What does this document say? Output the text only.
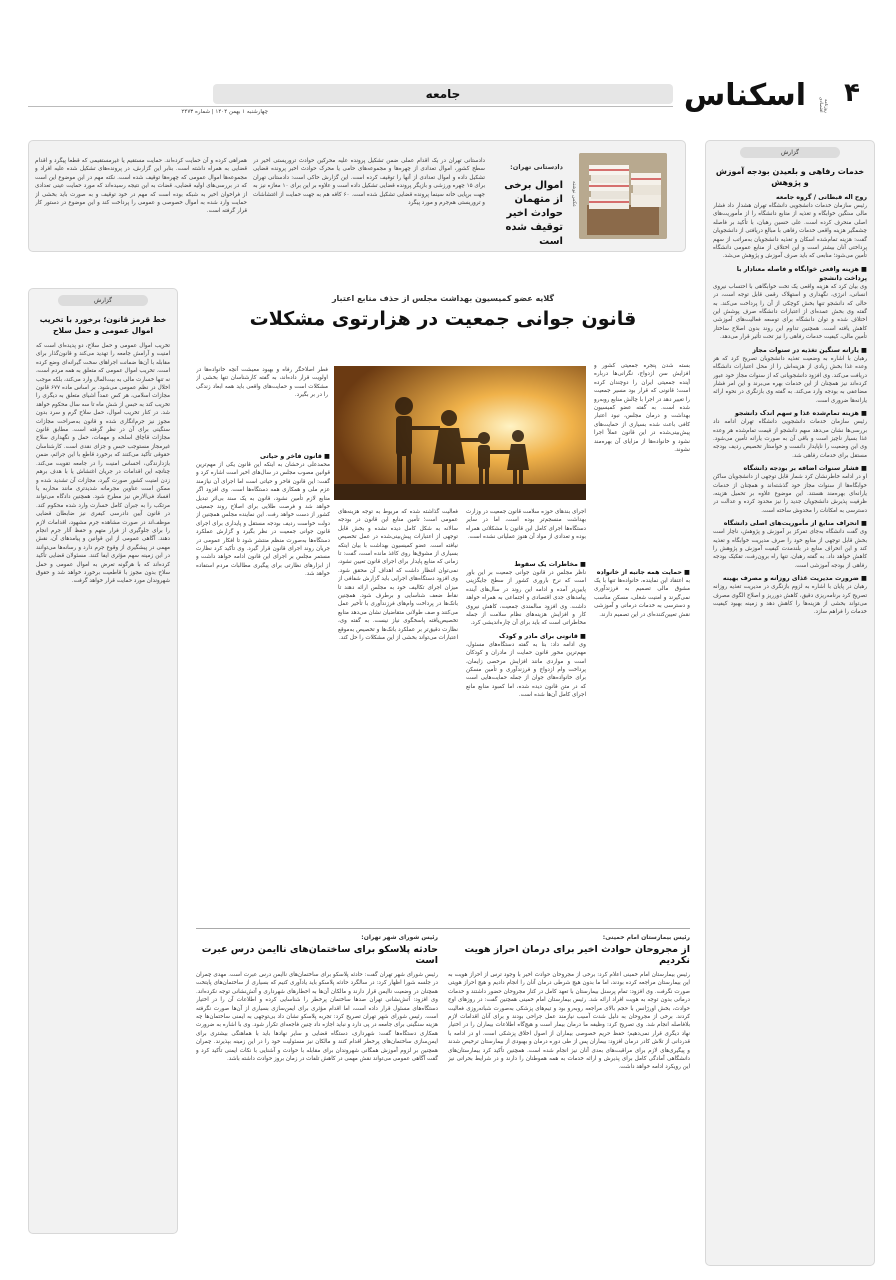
۴
اسکناس	روزنامه اقتصادی
جامعه
چهارشنبه ۱ بهمن ۱۴۰۴ | شماره ۲۴۷۳
گزارش
خدمات رفاهی و بلعیدن بودجه آموزش و پژوهش
روح اله قبطانی / گروه جامعه
رئیس سازمان خدمات دانشجویی دانشگاه تهران هشدار داد فشار مالی سنگین خوابگاه و تغذیه از منابع دانشگاه را از مأموریت‌های اصلی منحرف کرده است. علی حسین رهبان، با تأکید بر فاصله چشمگیر هزینه واقعی خدمات رفاهی با مبالغ دریافتی از دانشجویان گفت: هزینه تمام‌شده اسکان و تغذیه دانشجویان به‌مراتب از سهم پرداختی آنان بیشتر است و این اختلاف از منابع عمومی دانشگاه تأمین می‌شود؛ منابعی که باید صرف آموزش و پژوهش می‌شد.
■ هزینه واقعی خوابگاه و فاصله معنادار با پرداخت دانشجو
وی بیان کرد که هزینه واقعی یک تخت خوابگاهی با احتساب نیروی انسانی، انرژی، نگهداری و استهلاک رقمی قابل توجه است، در حالی که دانشجو تنها بخش کوچکی از آن را پرداخت می‌کند. به گفته وی بخش عمده‌ای از اعتبارات دانشگاه صرف پوشش این اختلاف شده و توان دانشگاه برای توسعه فعالیت‌های آموزشی کاهش یافته است. همچنین تداوم این روند بدون اصلاح ساختار تأمین مالی، کیفیت خدمات رفاهی را نیز تحت تأثیر قرار می‌دهد.
■ یارانه سنگین تغذیه در سنوات مجاز
رهبان با اشاره به وضعیت تغذیه دانشجویان تصریح کرد که هر وعده غذا بخش زیادی از هزینه‌اش را از محل اعتبارات دانشگاه دریافت می‌کند. وی افزود دانشجویانی که از سنوات مجاز خود عبور کرده‌اند نیز همچنان از این خدمات بهره می‌برند و این امر فشار مضاعفی به بودجه وارد می‌کند. به گفته وی بازنگری در نحوه ارائه یارانه‌ها ضروری است.
■ هزینه تمام‌شده غذا و سهم اندک دانشجو
رئیس سازمان خدمات دانشجویی دانشگاه تهران ادامه داد بررسی‌ها نشان می‌دهد سهم دانشجو از قیمت تمام‌شده هر وعده غذا بسیار ناچیز است و باقی آن به صورت یارانه تأمین می‌شود. وی این وضعیت را ناپایدار دانست و خواستار تخصیص ردیف بودجه مستقل برای خدمات رفاهی شد.
■ فشار سنوات اضافه بر بودجه دانشگاه
او در ادامه خاطرنشان کرد شمار قابل توجهی از دانشجویان ساکن خوابگاه‌ها از سنوات مجاز خود گذشته‌اند و همچنان از خدمات یارانه‌ای بهره‌مند هستند. این موضوع علاوه بر تحمیل هزینه، ظرفیت پذیرش دانشجویان جدید را نیز محدود کرده و عدالت در دسترسی به امکانات را مخدوش ساخته است.
■ انحراف منابع از مأموریت‌های اصلی دانشگاه
وی گفت دانشگاه به‌جای تمرکز بر آموزش و پژوهش، ناچار است بخش قابل توجهی از منابع خود را صرف مدیریت خوابگاه و تغذیه کند و این انحراف منابع در بلندمدت کیفیت آموزش و پژوهش را کاهش خواهد داد. به گفته رهبان، تنها راه برون‌رفت، تفکیک بودجه رفاهی از بودجه آموزشی است.
■ ضرورت مدیریت غذای روزانه و مصرف بهینه
رهبان در پایان با اشاره به لزوم بازنگری در مدیریت تغذیه روزانه تصریح کرد برنامه‌ریزی دقیق، کاهش دورریز و اصلاح الگوی مصرف می‌تواند بخشی از هزینه‌ها را کاهش دهد و زمینه بهبود کیفیت خدمات را فراهم سازد.
عکس نوشته
دادستانی تهران:
اموال برخی از متهمان حوادث اخیر توقیف شده است
دادستانی تهران در یک اقدام عملی ضمن تشکیل پرونده علیه محرکین حوادث تروریستی اخیر در سطح کشور، اموال تعدادی از چهره‌ها و مجموعه‌های حامی یا محرک حوادث اخیر پرونده قضایی تشکیل داده و اموال تعدادی از آنها را توقیف کرده است. این گزارش حاکی است: دادستانی تهران برای ۱۵ چهره ورزشی و بازیگر پرونده قضایی تشکیل داده است و علاوه بر این برای ۱۰ مغازه نیز به جهت برپایی خانه سینما پرونده قضایی تشکیل شده است. ۶۰ کافه هم به جهت حمایت از اغتشاشات و تروریستی هم‌جرم و مورد پیگرد
همراهی کرده و آن حمایت کرده‌اند. حمایت مستقیم یا غیرمستقیمی که قطعا پیگرد و اقدام قضایی به همراه داشته است. بنابر این گزارش، در پرونده‌های تشکیل شده علیه افراد و مجموعه‌ها اموال عمومی که چهره‌ها توقیف شده است. نکته مهم در این موضوع این است که در بررسی‌های اولیه قضایی، قضات به این نتیجه رسیده‌اند که مورد حمایت عینی تعدادی از فراخوان اخیر به شبکه بوده است که مهم در خود توقیف و به صورت باید بخشی از حمایت وارد شده به اموال خصوصی و عمومی را پرداخت کند و این موضوع در دستور کار قرار گرفته است.
گزارش
خط قرمز قانون؛ برخورد با تخریب اموال عمومی و حمل سلاح
تخریب اموال عمومی و حمل سلاح، دو پدیده‌ای است که امنیت و آرامش جامعه را تهدید می‌کند و قانون‌گذار برای مقابله با آن‌ها ضمانت اجراهای سخت گیرانه‌ای وضع کرده است. تخریب اموال عمومی که متعلق به همه مردم است، نه تنها خسارت مالی به بیت‌المال وارد می‌کند، بلکه موجب اخلال در نظم عمومی می‌شود. بر اساس ماده ۶۷۷ قانون مجازات اسلامی، هر کس عمداً اشیای متعلق به دیگری را تخریب کند به حبس از شش ماه تا سه سال محکوم خواهد شد. در کنار تخریب اموال، حمل سلاح گرم و سرد بدون مجوز نیز جرم‌انگاری شده و قانون به‌صراحت مجازات سنگینی برای آن در نظر گرفته است. مطابق قانون مجازات قاچاق اسلحه و مهمات، حمل و نگهداری سلاح غیرمجاز مستوجب حبس و جزای نقدی است. کارشناسان حقوقی تأکید می‌کنند که برخورد قاطع با این جرائم، ضمن بازدارندگی، احساس امنیت را در جامعه تقویت می‌کند. چنانچه این اقدامات در جریان اغتشاش یا با هدف برهم زدن امنیت کشور صورت گیرد، مجازات آن تشدید شده و ممکن است عناوین مجرمانه شدیدتری مانند محاربه یا افساد فی‌الارض نیز مطرح شود. همچنین دادگاه می‌تواند مرتکب را به جبران کامل خسارت وارد شده محکوم کند. در قانون آیین دادرسی کیفری نیز ضابطان قضایی موظف‌اند در صورت مشاهده جرم مشهود، اقدامات لازم را برای جلوگیری از فرار متهم و حفظ آثار جرم انجام دهند. آگاهی عمومی از این قوانین و پیامدهای آن، نقش مهمی در پیشگیری از وقوع جرم دارد و رسانه‌ها می‌توانند در این زمینه سهم مؤثری ایفا کنند. مسئولان قضایی تأکید کرده‌اند که با هرگونه تعرض به اموال عمومی و حمل سلاح بدون مجوز با قاطعیت برخورد خواهد شد و حقوق شهروندان مورد حمایت قرار خواهد گرفت.
گلایه عضو کمیسیون بهداشت مجلس از حذف منابع اعتبار
قانون جوانی جمعیت در هزارتوی مشکلات
بسته شدن پنجره جمعیتی کشور و افزایش سن ازدواج، نگرانی‌ها درباره آینده جمعیتی ایران را دوچندان کرده است؛ قانونی که قرار بود مسیر جمعیت را تغییر دهد در اجرا با چالش منابع روبه‌رو شده است. به گفته عضو کمیسیون بهداشت و درمان مجلس، نبود اعتبار کافی باعث شده بسیاری از حمایت‌های پیش‌بینی‌شده در این قانون عملاً اجرا نشود و خانواده‌ها از مزایای آن بهره‌مند نشوند.
فطر اصلاحگر رفاه و بهبود معیشت آنچه خانواده‌ها در اولویت قرار داده‌اند، به گفته کارشناسان تنها بخشی از مشکلات است و حمایت‌های واقعی باید همه ابعاد زندگی را در بر بگیرد.
اجرای بندهای حوزه سلامت قانون جمعیت در وزارت بهداشت منسجم‌تر بوده است، اما در سایر دستگاه‌ها اجرای کامل این قانون با مشکلاتی همراه بوده و تعدادی از مواد آن هنوز عملیاتی نشده است.
■ مخاطرات یک سقوط
ناظر مجلس در قانون جوانی جمعیت بر این باور است که نرخ باروری کشور از سطح جایگزینی پایین‌تر آمده و ادامه این روند در سال‌های آینده پیامدهای جدی اقتصادی و اجتماعی به همراه خواهد داشت. وی افزود سالمندی جمعیت، کاهش نیروی کار و افزایش هزینه‌های نظام سلامت از جمله مخاطراتی است که باید برای آن چاره‌اندیشی کرد.
■ قانونی برای مادر و کودک
وی ادامه داد: بنا به گفته دستگاه‌های مسئول، مهم‌ترین محور قانون حمایت از مادران و کودکان است و مواردی مانند افزایش مرخصی زایمان، پرداخت وام ازدواج و فرزندآوری و تأمین مسکن برای خانواده‌های جوان از جمله حمایت‌هایی است که در متن قانون دیده شده، اما کمبود منابع مانع اجرای کامل آن‌ها شده است.
■ حمایت همه جانبه از خانواده
به اعتقاد این نماینده، خانواده‌ها تنها با یک مشوق مالی تصمیم به فرزندآوری نمی‌گیرند و امنیت شغلی، مسکن مناسب و دسترسی به خدمات درمانی و آموزشی نقش تعیین‌کننده‌ای در این تصمیم دارند.
فعالیت گذاشته شده که مربوط به توجه هزینه‌های عمومی است؛ تأمین منابع این قانون در بودجه سالانه به شکل کامل دیده نشده و بخش قابل توجهی از اعتبارات پیش‌بینی‌شده در عمل تخصیص نیافته است. عضو کمیسیون بهداشت با بیان اینکه بسیاری از مشوق‌ها روی کاغذ مانده است، گفت: تا زمانی که منابع پایدار برای اجرای قانون تعیین نشود، نمی‌توان انتظار داشت که اهداف آن محقق شود. وی افزود دستگاه‌های اجرایی باید گزارش شفافی از میزان اجرای تکالیف خود به مجلس ارائه دهند تا نقاط ضعف شناسایی و برطرف شود. همچنین بانک‌ها در پرداخت وام‌های فرزندآوری با تأخیر عمل می‌کنند و صف طولانی متقاضیان نشان می‌دهد منابع تخصیص‌یافته پاسخگوی نیاز نیست. به گفته وی، نظارت دقیق‌تر بر عملکرد بانک‌ها و تخصیص به‌موقع اعتبارات می‌تواند بخشی از این مشکلات را حل کند.
■ قانون فاخر و حیاتی
محمدعلی درخشان به اینکه این قانون یکی از مهم‌ترین قوانین مصوب مجلس در سال‌های اخیر است اشاره کرد و گفت: این قانون فاخر و حیاتی است اما اجرای آن نیازمند عزم ملی و همکاری همه دستگاه‌ها است. وی افزود اگر منابع لازم تأمین نشود، قانون به یک سند بی‌اثر تبدیل خواهد شد و فرصت طلایی برای اصلاح روند جمعیتی کشور از دست خواهد رفت. این نماینده مجلس همچنین از دولت خواست ردیف بودجه مستقل و پایداری برای اجرای قانون جوانی جمعیت در نظر بگیرد و گزارش عملکرد دستگاه‌ها به‌صورت منظم منتشر شود تا افکار عمومی در جریان روند اجرای قانون قرار گیرد. وی تأکید کرد نظارت مستمر مجلس بر اجرای این قانون ادامه خواهد داشت و از ابزارهای نظارتی برای پیگیری مطالبات مردم استفاده خواهد شد.
رئیس بیمارستان امام خمینی:
از مجروحان حوادث اخیر برای درمان احراز هویت نکردیم
رئیس بیمارستان امام خمینی اعلام کرد: برخی از مجروحان حوادث اخیر با وجود ترس از احراز هویت به این بیمارستان مراجعه کرده بودند، اما ما بدون هیچ شرطی درمان آنان را انجام دادیم و هیچ احراز هویتی صورت نگرفت. وی افزود: تمام پرسنل بیمارستان با تعهد کامل در کنار مجروحان حضور داشتند و خدمات درمانی بدون توجه به هویت افراد ارائه شد. رئیس بیمارستان امام خمینی همچنین گفت: در روزهای اوج حوادث، بخش اورژانس با حجم بالای مراجعه روبه‌رو بود و تیم‌های پزشکی به‌صورت شبانه‌روزی فعالیت کردند. برخی از مجروحان به دلیل شدت آسیب نیازمند عمل جراحی بودند و برای آنان اقدامات لازم بلافاصله انجام شد. وی تصریح کرد: وظیفه ما درمان بیمار است و هیچ‌گاه اطلاعات بیماران را در اختیار نهاد دیگری قرار نمی‌دهیم؛ حفظ حریم خصوصی بیماران از اصول اخلاق پزشکی است. او در ادامه با قدردانی از تلاش کادر درمان افزود: بیماران پس از طی دوره درمان و بهبودی از بیمارستان ترخیص شدند و پیگیری‌های لازم برای مراقبت‌های بعدی آنان نیز انجام شده است. همچنین تأکید کرد بیمارستان‌های دانشگاهی آمادگی کامل برای پذیرش و ارائه خدمات به همه هموطنان را دارند و در شرایط بحرانی نیز این رویکرد ادامه خواهد داشت.
رئیس شورای شهر تهران:
حادثه پلاسکو برای ساختمان‌های ناایمن درس عبرت است
رئیس شورای شهر تهران گفت: حادثه پلاسکو برای ساختمان‌های ناایمن درس عبرت است. مهدی چمران در جلسه شورا اظهار کرد: در سالگرد حادثه پلاسکو باید یادآوری کنیم که بسیاری از ساختمان‌های پایتخت همچنان در وضعیت ناایمن قرار دارند و مالکان آن‌ها به اخطارهای شهرداری و آتش‌نشانی توجه نکرده‌اند. وی افزود: آتش‌نشانی تهران صدها ساختمان پرخطر را شناسایی کرده و اطلاعات آن را در اختیار دستگاه‌های مسئول قرار داده است، اما اقدام مؤثری برای ایمن‌سازی بسیاری از آن‌ها صورت نگرفته است. رئیس شورای شهر تهران تصریح کرد: تجربه پلاسکو نشان داد بی‌توجهی به ایمنی ساختمان‌ها چه هزینه سنگینی برای جامعه در پی دارد و نباید اجازه داد چنین فاجعه‌ای تکرار شود. وی با اشاره به ضرورت همکاری دستگاه‌ها گفت: شهرداری، دستگاه قضایی و سایر نهادها باید با هماهنگی بیشتری برای ایمن‌سازی ساختمان‌های پرخطر اقدام کنند و مالکان نیز مسئولیت خود را در این زمینه بپذیرند. چمران همچنین بر لزوم آموزش همگانی شهروندان برای مقابله با حوادث و آشنایی با نکات ایمنی تأکید کرد و گفت آگاهی عمومی می‌تواند نقش مهمی در کاهش تلفات در زمان بروز حوادث داشته باشد.
